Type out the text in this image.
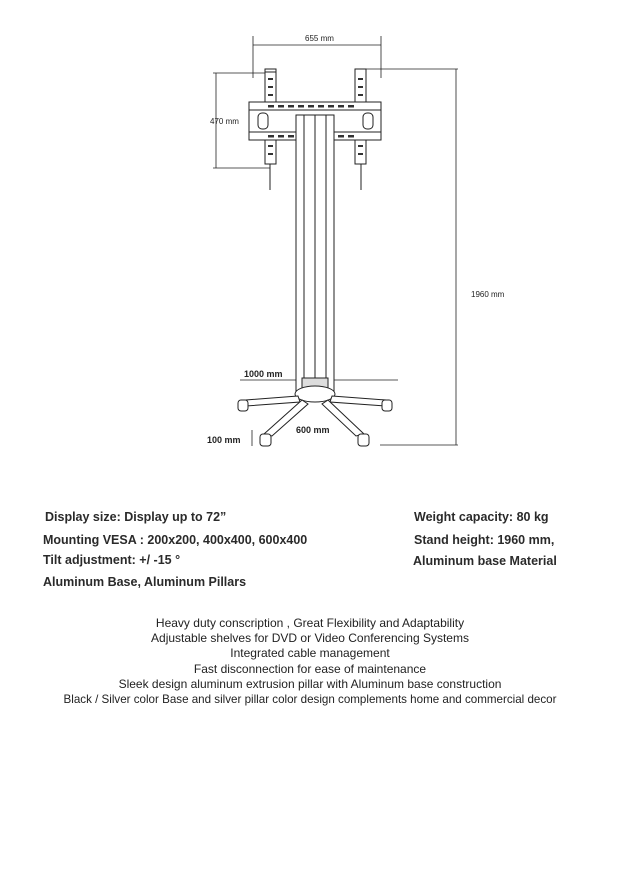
655 mm
470 mm
1960 mm
1000 mm
600 mm
100 mm
Display size: Display up to 72”
Mounting VESA : 200x200, 400x400, 600x400
Tilt adjustment: +/ -15 °
Aluminum Base, Aluminum Pillars
Weight capacity: 80 kg
Stand height: 1960 mm,
Aluminum base Material
Heavy duty conscription , Great Flexibility and Adaptability
Adjustable shelves for DVD or Video Conferencing Systems
Integrated cable management
Fast disconnection for ease of maintenance
Sleek design aluminum extrusion pillar with Aluminum base construction
Black / Silver color Base and silver pillar color design complements home and commercial decor
